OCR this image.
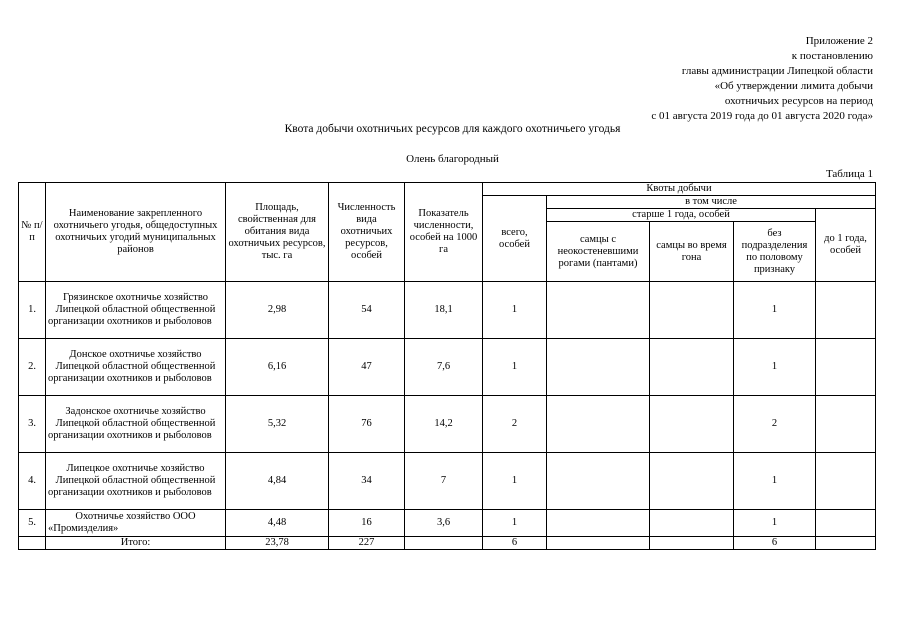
Приложение 2
к постановлению
главы администрации Липецкой области
«Об утверждении лимита добычи
охотничьих ресурсов на период
с 01 августа 2019 года до 01 августа 2020 года»
Квота добычи охотничьих ресурсов для каждого охотничьего угодья
Олень благородный
Таблица 1
№ п/п	Наименование закрепленного охотничьего угодья, общедоступных охотничьих угодий муниципальных районов	Площадь, свойственная для обитания вида охотничьих ресурсов, тыс. га	Численность вида охотничьих ресурсов, особей	Показатель численности, особей на 1000 га	Квоты добычи				
					всего, особей	в том числе			
						старше 1 года, особей			до 1 года, особей
						самцы с неокостеневшими рогами (пантами)	самцы во время гона	без подразделения по половому признаку	
1.	Грязинское охотничье хозяйство Липецкой областной общественной организации охотников и рыболовов	2,98	54	18,1	1			1	
2.	Донское охотничье хозяйство Липецкой областной общественной организации охотников и рыболовов	6,16	47	7,6	1			1	
3.	Задонское охотничье хозяйство Липецкой областной общественной организации охотников и рыболовов	5,32	76	14,2	2			2	
4.	Липецкое охотничье хозяйство Липецкой областной общественной организации охотников и рыболовов	4,84	34	7	1			1	
5.	Охотничье хозяйство ООО «Промизделия»	4,48	16	3,6	1			1	
	Итого:	23,78	227		6			6	
